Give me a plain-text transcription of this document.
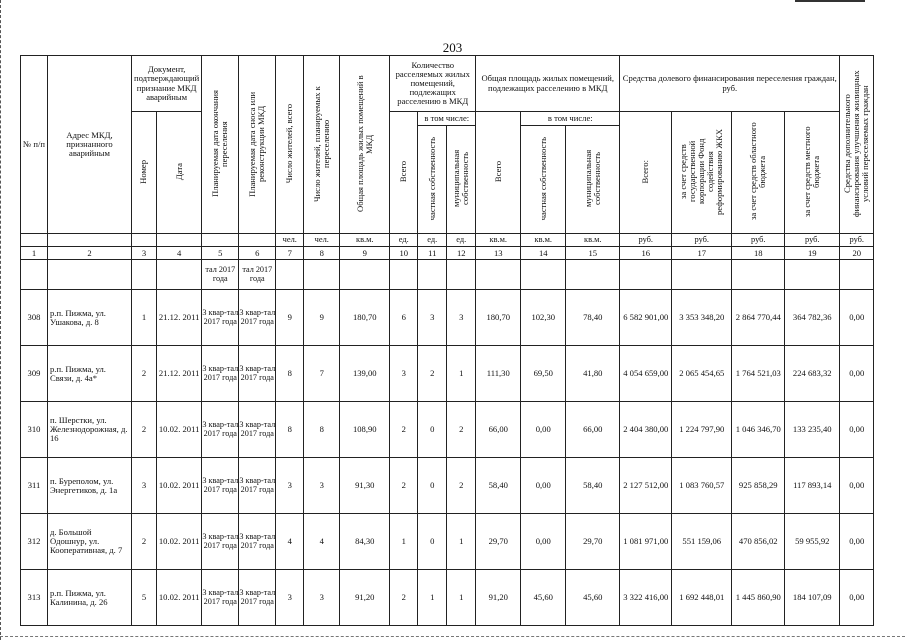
203
№ п/п	Адрес МКД, признанного аварийным	Документ, подтверждающий признание МКД аварийным		Планируемая дата окончания переселения	Планируемая дата сноса или реконструкции МКД	Число жителей, всего	Число жителей, планируемых к переселению	Общая площадь жилых помещений в МКД	Количество расселяемых жилых помещений, подлежащих расселению в МКД			Общая площадь жилых помещений, подлежащих расселению в МКД			Средства долевого финансирования переселения граждан, руб.				Средства дополнительного финансирования улучшения жилищных условий переселяемых граждан
		Номер	Дата						Всего	в том числе:		Всего	в том числе:		Всего:	за счет средств государственной корпорации Фонд содействия реформированию ЖКХ	за счет средств областного бюджета	за счет средств местного бюджета	
										частная собственность	муниципальная собственность		частная собственность	муниципальная собственность					
						чел.	чел.	кв.м.	ед.	ед.	ед.	кв.м.	кв.м.	кв.м.	руб.	руб.	руб.	руб.	руб.
1	2	3	4	5	6	7	8	9	10	11	12	13	14	15	16	17	18	19	20
				тал 2017 года	тал 2017 года														
308	р.п. Пижма, ул. Ушакова, д. 8	1	21.12. 2011	3 квар-тал 2017 года	3 квар-тал 2017 года	9	9	180,70	6	3	3	180,70	102,30	78,40	6 582 901,00	3 353 348,20	2 864 770,44	364 782,36	0,00
309	р.п. Пижма, ул. Связи, д. 4а*	2	21.12. 2011	3 квар-тал 2017 года	3 квар-тал 2017 года	8	7	139,00	3	2	1	111,30	69,50	41,80	4 054 659,00	2 065 454,65	1 764 521,03	224 683,32	0,00
310	п. Шерстки, ул. Железнодорожная, д. 16	2	10.02. 2011	3 квар-тал 2017 года	3 квар-тал 2017 года	8	8	108,90	2	0	2	66,00	0,00	66,00	2 404 380,00	1 224 797,90	1 046 346,70	133 235,40	0,00
311	п. Буреполом, ул. Энергетиков, д. 1а	3	10.02. 2011	3 квар-тал 2017 года	3 квар-тал 2017 года	3	3	91,30	2	0	2	58,40	0,00	58,40	2 127 512,00	1 083 760,57	925 858,29	117 893,14	0,00
312	д. Большой Одошнур, ул. Кооперативная, д. 7	2	10.02. 2011	3 квар-тал 2017 года	3 квар-тал 2017 года	4	4	84,30	1	0	1	29,70	0,00	29,70	1 081 971,00	551 159,06	470 856,02	59 955,92	0,00
313	р.п. Пижма, ул. Калинина, д. 26	5	10.02. 2011	3 квар-тал 2017 года	3 квар-тал 2017 года	3	3	91,20	2	1	1	91,20	45,60	45,60	3 322 416,00	1 692 448,01	1 445 860,90	184 107,09	0,00
